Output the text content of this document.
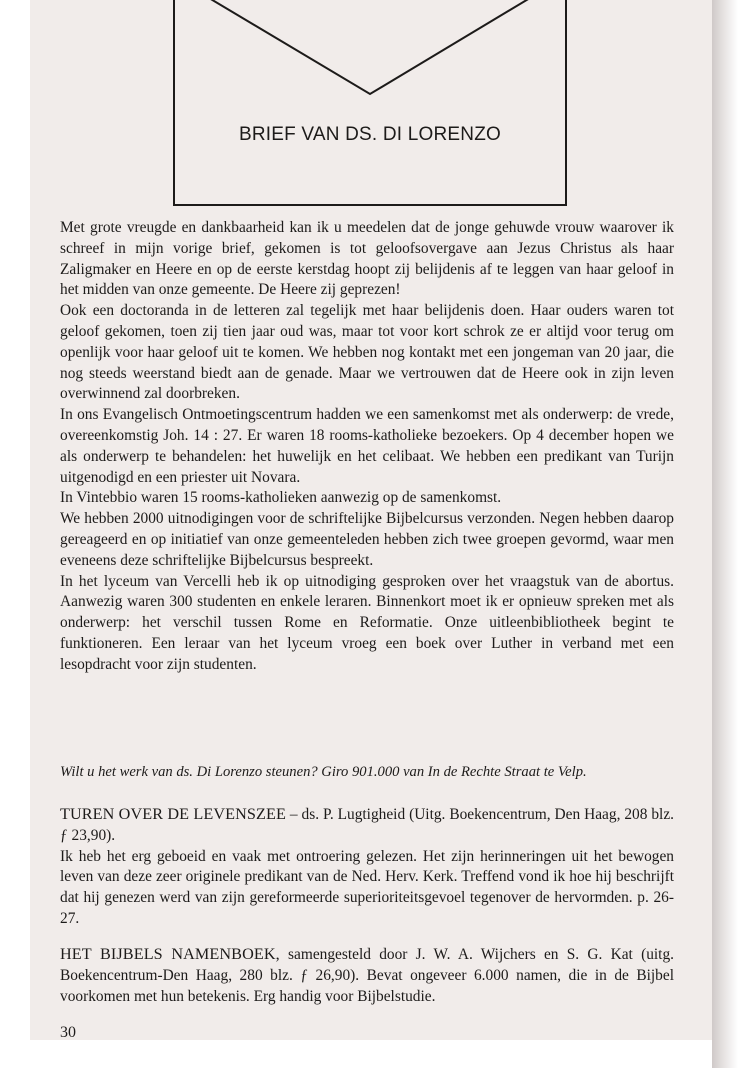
BRIEF VAN DS. DI LORENZO

Met grote vreugde en dankbaarheid kan ik u meedelen dat de jonge gehuwde vrouw waarover ik schreef in mijn vorige brief, gekomen is tot geloofsovergave aan Jezus Christus als haar Zaligmaker en Heere en op de eerste kerstdag hoopt zij belijdenis af te leggen van haar geloof in het midden van onze gemeente. De Heere zij geprezen!

Ook een doctoranda in de letteren zal tegelijk met haar belijdenis doen. Haar ouders waren tot geloof gekomen, toen zij tien jaar oud was, maar tot voor kort schrok ze er altijd voor terug om openlijk voor haar geloof uit te komen. We hebben nog kontakt met een jongeman van 20 jaar, die nog steeds weerstand biedt aan de genade. Maar we vertrouwen dat de Heere ook in zijn leven overwinnend zal doorbreken.

In ons Evangelisch Ontmoetingscentrum hadden we een samenkomst met als onderwerp: de vrede, overeenkomstig Joh. 14 : 27. Er waren 18 rooms-katholieke bezoekers. Op 4 december hopen we als onderwerp te behandelen: het huwelijk en het celibaat. We hebben een predikant van Turijn uitgenodigd en een priester uit Novara.

In Vintebbio waren 15 rooms-katholieken aanwezig op de samenkomst.

We hebben 2000 uitnodigingen voor de schriftelijke Bijbelcursus verzonden. Negen hebben daarop gereageerd en op initiatief van onze gemeenteleden hebben zich twee groepen gevormd, waar men eveneens deze schriftelijke Bijbelcursus bespreekt.

In het lyceum van Vercelli heb ik op uitnodiging gesproken over het vraagstuk van de abortus. Aanwezig waren 300 studenten en enkele leraren. Binnenkort moet ik er opnieuw spreken met als onderwerp: het verschil tussen Rome en Reformatie. Onze uitleenbibliotheek begint te funktioneren. Een leraar van het lyceum vroeg een boek over Luther in verband met een lesopdracht voor zijn studenten.

Wilt u het werk van ds. Di Lorenzo steunen? Giro 901.000 van In de Rechte Straat te Velp.

TUREN OVER DE LEVENSZEE – ds. P. Lugtigheid (Uitg. Boekencentrum, Den Haag, 208 blz. ƒ 23,90).

Ik heb het erg geboeid en vaak met ontroering gelezen. Het zijn herinneringen uit het bewogen leven van deze zeer originele predikant van de Ned. Herv. Kerk. Treffend vond ik hoe hij beschrijft dat hij genezen werd van zijn gereformeerde superioriteitsgevoel tegenover de hervormden. p. 26-27.

HET BIJBELS NAMENBOEK, samengesteld door J. W. A. Wijchers en S. G. Kat (uitg. Boekencentrum-Den Haag, 280 blz. ƒ 26,90). Bevat ongeveer 6.000 namen, die in de Bijbel voorkomen met hun betekenis. Erg handig voor Bijbelstudie.

30
